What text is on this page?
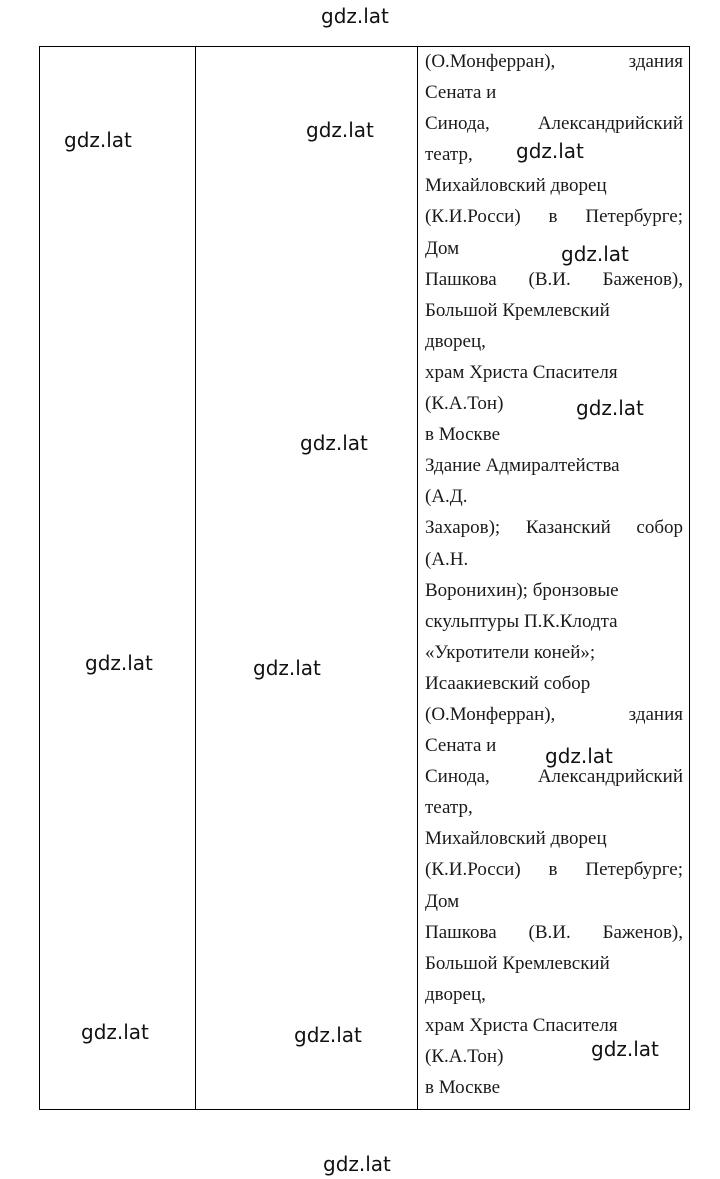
(О.Монферран), здания
Сената и
Синода, Александрийский
театр,
Михайловский дворец
(К.И.Росси) в Петербурге;
Дом
Пашкова (В.И. Баженов),
Большой Кремлевский
дворец,
храм Христа Спасителя
(К.А.Тон)
в Москве
Здание Адмиралтейства
(А.Д.
Захаров); Казанский собор
(А.Н.
Воронихин); бронзовые
скульптуры П.К.Клодта
«Укротители коней»;
Исаакиевский собор
(О.Монферран), здания
Сената и
Синода, Александрийский
театр,
Михайловский дворец
(К.И.Росси) в Петербурге;
Дом
Пашкова (В.И. Баженов),
Большой Кремлевский
дворец,
храм Христа Спасителя
(К.А.Тон)
в Москве
gdz.lat
gdz.lat	gdz.lat
gdz.lat
gdz.lat
gdz.lat
gdz.lat
gdz.lat	gdz.lat
gdz.lat
gdz.lat	gdz.lat
gdz.lat
gdz.lat
